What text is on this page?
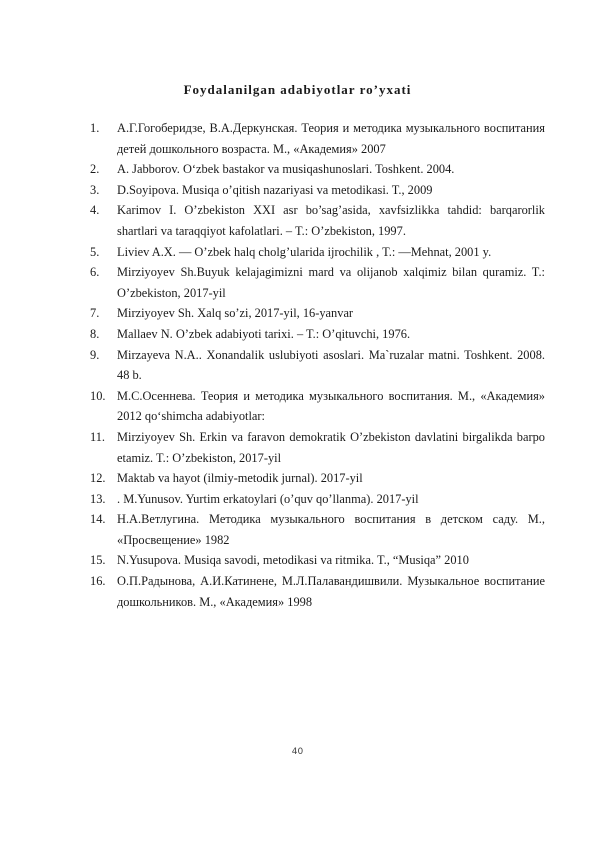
Foydalanilgan adabiyotlar ro’yxati
1. А.Г.Гогоберидзе, В.А.Деркунская. Теория и методика музыкального воспитания детей дошкольного возраста. М., «Академия» 2007
2. A. Jabborov. O‘zbek bastakor va musiqashunoslari. Toshkent. 2004.
3. D.Soyipova. Musiqa o’qitish nazariyasi va metodikasi. T., 2009
4. Karimov I. O’zbekiston XXI asr bo’sag’asida, xavfsizlikka tahdid: barqarorlik shartlari va taraqqiyot kafolatlari. – T.: O’zbekiston, 1997.
5. Liviev A.X. — O’zbek halq cholg’ularida ijrochilik , T.: —Mehnat, 2001 y.
6. Mirziyoyev Sh.Buyuk kelajagimizni mard va olijanob xalqimiz bilan quramiz. T.: O’zbekiston, 2017-yil
7. Mirziyoyev Sh. Xalq so’zi, 2017-yil, 16-yanvar
8. Mallaev N. O’zbek adabiyoti tarixi. – T.: O’qituvchi, 1976.
9. Mirzayeva N.A.. Xonandalik uslubiyoti asoslari. Ma`ruzalar matni. Toshkent. 2008. 48 b.
10. М.С.Осеннева. Теория и методика музыкального воспитания. М., «Академия» 2012 qo‘shimcha adabiyotlar:
11. Mirziyoyev Sh. Erkin va faravon demokratik O’zbekiston davlatini birgalikda barpo etamiz. T.: O’zbekiston, 2017-yil
12. Maktab va hayot (ilmiy-metodik jurnal). 2017-yil
13. . M.Yunusov. Yurtim erkatoylari (o’quv qo’llanma). 2017-yil
14. Н.А.Ветлугина. Методика музыкального воспитания в детском саду. М., «Просвещение» 1982
15. N.Yusupova. Musiqa savodi, metodikasi va ritmika. T., “Musiqa” 2010
16. О.П.Радынова, А.И.Катинене, М.Л.Палавандишвили. Музыкальное воспитание дошкольников. М., «Академия» 1998
40
